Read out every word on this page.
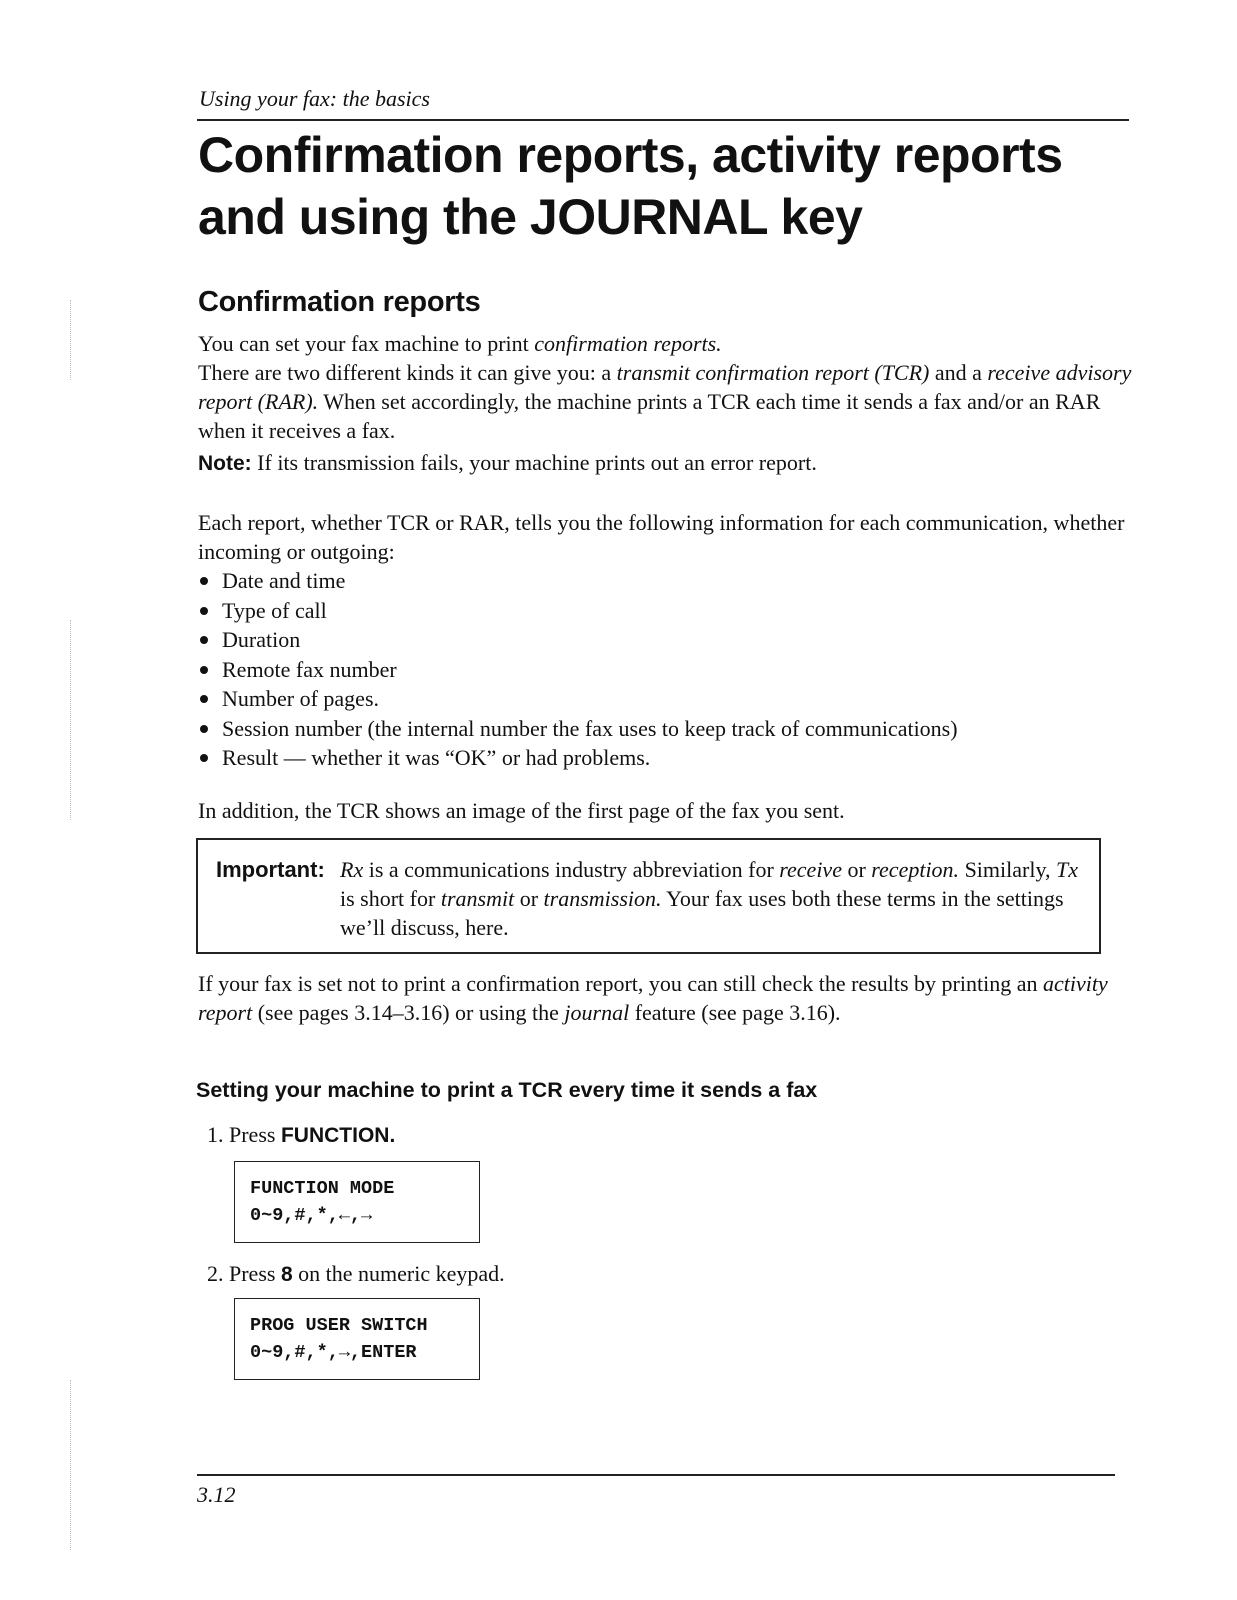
Using your fax: the basics
Confirmation reports, activity reports
and using the JOURNAL key
Confirmation reports

You can set your fax machine to print confirmation reports.
There are two different kinds it can give you: a transmit confirmation report (TCR) and a receive advisory report (RAR). When set accordingly, the machine prints a TCR each time it sends a fax and/or an RAR when it receives a fax.

Note: If its transmission fails, your machine prints out an error report.

Each report, whether TCR or RAR, tells you the following information for each communication, whether incoming or outgoing:

Date and time
Type of call
Duration
Remote fax number
Number of pages.
Session number (the internal number the fax uses to keep track of communications)
Result — whether it was “OK” or had problems.

In addition, the TCR shows an image of the first page of the fax you sent.

Important: Rx is a communications industry abbreviation for receive or reception. Similarly, Tx is short for transmit or transmission. Your fax uses both these terms in the settings we’ll discuss, here.

If your fax is set not to print a confirmation report, you can still check the results by printing an activity report (see pages 3.14–3.16) or using the journal feature (see page 3.16).

Setting your machine to print a TCR every time it sends a fax
1. Press FUNCTION.
FUNCTION MODE
0~9,#,*,←,→
2. Press 8 on the numeric keypad.
PROG USER SWITCH
0~9,#,*,→,ENTER
3.12
